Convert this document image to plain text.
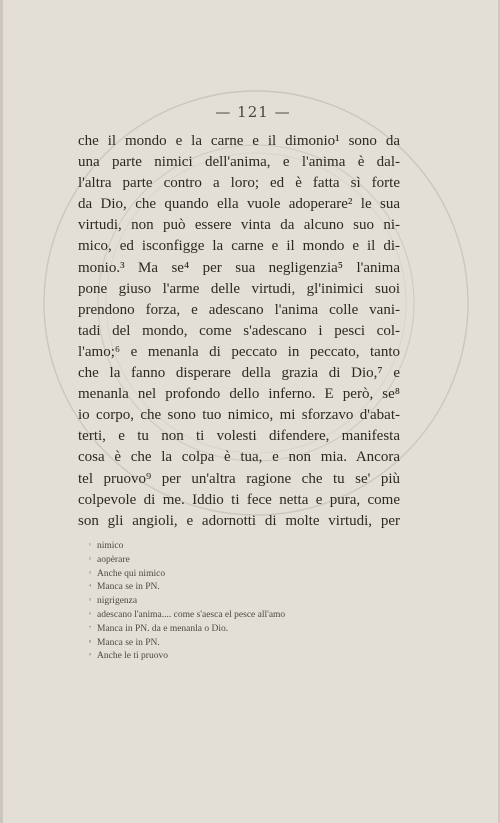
— 121 —
che il mondo e la carne e il dimonio¹ sono da
una parte nimici dell'anima, e l'anima è dal-
l'altra parte contro a loro; ed è fatta sì forte
da Dio, che quando ella vuole adoperare² le sua
virtudi, non può essere vinta da alcuno suo ni-
mico, ed isconfigge la carne e il mondo e il di-
monio.³ Ma se⁴ per sua negligenzia⁵ l'anima
pone giuso l'arme delle virtudi, gl'inimici suoi
prendono forza, e adescano l'anima colle vani-
tadi del mondo, come s'adescano i pesci col-
l'amo;⁶ e menanla di peccato in peccato, tanto
che la fanno disperare della grazia di Dio,⁷ e
menanla nel profondo dello inferno. E però, se⁸
io corpo, che sono tuo nimico, mi sforzavo d'abat-
terti, e tu non ti volesti difendere, manifesta
cosa è che la colpa è tua, e non mia. Ancora
tel pruovo⁹ per un'altra ragione che tu se' più
colpevole di me. Iddio ti fece netta e pura, come
son gli angioli, e adornotti di molte virtudi, per
¹ nimico
² aopèrare
³ Anche qui nimico
⁴ Manca se in PN.
⁵ nigrigenza
⁶ adescano l'anima.... come s'aesca el pesce all'amo
⁷ Manca in PN. da e menanla o Dio.
⁸ Manca se in PN.
⁹ Anche le ti pruovo
